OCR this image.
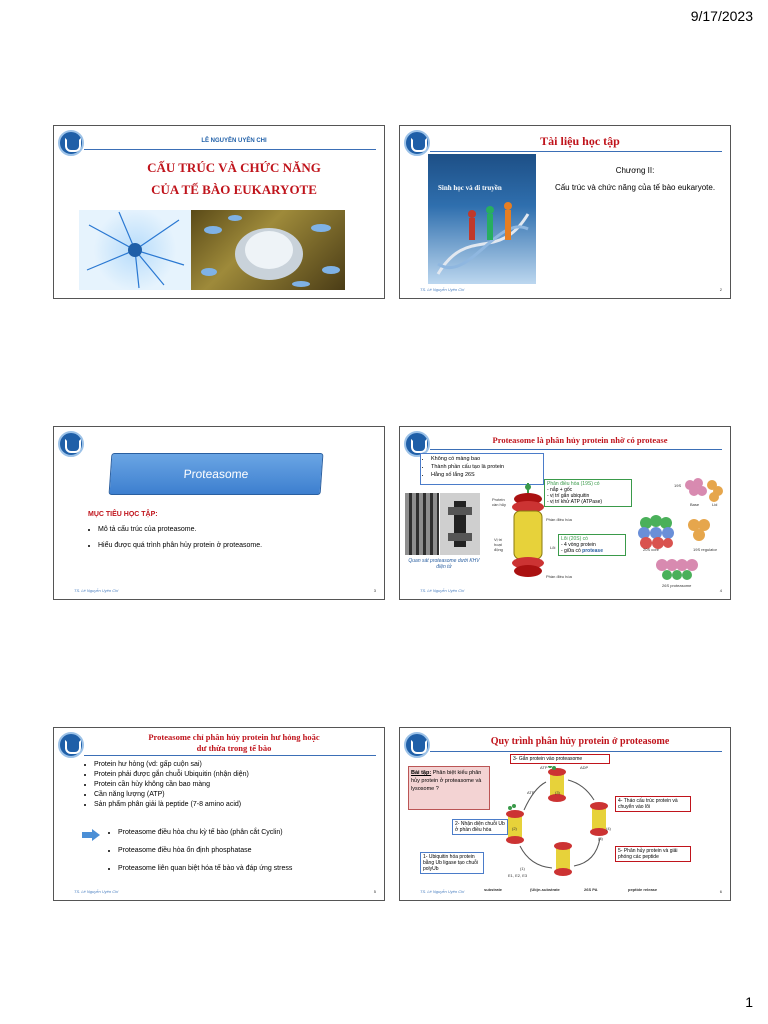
9/17/2023
LÊ NGUYỄN UYÊN CHI
CẤU TRÚC VÀ CHỨC NĂNG
CỦA TẾ BÀO EUKARYOTE
Tài liệu học tập
Sinh học và di truyền
Chương II:
Cấu trúc và chức năng của tế bào eukaryote.
TS. Lê Nguyễn Uyên Chi	2
Proteasome
MỤC TIÊU HỌC TẬP:
• Mô tả cấu trúc của proteasome.
• Hiểu được quá trình phân hủy protein ở proteasome.
TS. Lê Nguyễn Uyên Chi	3
Proteasome là phân hủy protein nhờ có protease
• Không có màng bao
• Thành phần cấu tạo là protein
• Hằng số lắng 26S
Quan sát proteasome dưới KHV điện tử
Protein cần hủy
Phần điều hòa
Vị trí hoạt động	Lõi
Phần điều hòa
Phân điều hòa (19S) có
- nắp + gốc
- vị trí gắn ubiquitin
- vị trí khử ATP (ATPase)
Lõi (20S) có
- 4 vòng protein
- giữa có protease
19S
Base	Lid
20S core	19S regulator
26S proteasome
TS. Lê Nguyễn Uyên Chi	4
Proteasome chỉ phân hủy protein hư hỏng hoặc
dư thừa trong tế bào
• Protein hư hỏng (vd: gấp cuộn sai)
• Protein phải được gắn chuỗi Ubiquitin (nhận diện)
• Protein cần hủy không cần bao màng
• Cần năng lượng (ATP)
• Sản phẩm phân giải là peptide (7-8 amino acid)
• Proteasome điều hòa chu kỳ tế bào (phân cắt Cyclin)
• Proteasome điều hòa ổn định phosphatase
• Proteasome liên quan biệt hóa tế bào và đáp ứng stress
TS. Lê Nguyễn Uyên Chi	5
Quy trình phân hủy protein ở proteasome
Bài tập: Phân biệt kiểu phân hủy protein ở proteasome và lysosome ?
3- Gắn protein vào proteasome
2- Nhận diện chuỗi Ub ở phần điều hòa
4- Tháo cấu trúc protein và chuyển vào lõi
1- Ubiquitin hóa protein bằng Ub ligase tạo chuỗi polyUb
5- Phân hủy protein và giải phóng các peptide
ATP	ADP
ATP	(3)
(4)
(5)
(2)
(1)
E1, E2, E3
substrate	(Ub)n-substrate	26S PA	peptide release
TS. Lê Nguyễn Uyên Chi	6
1
